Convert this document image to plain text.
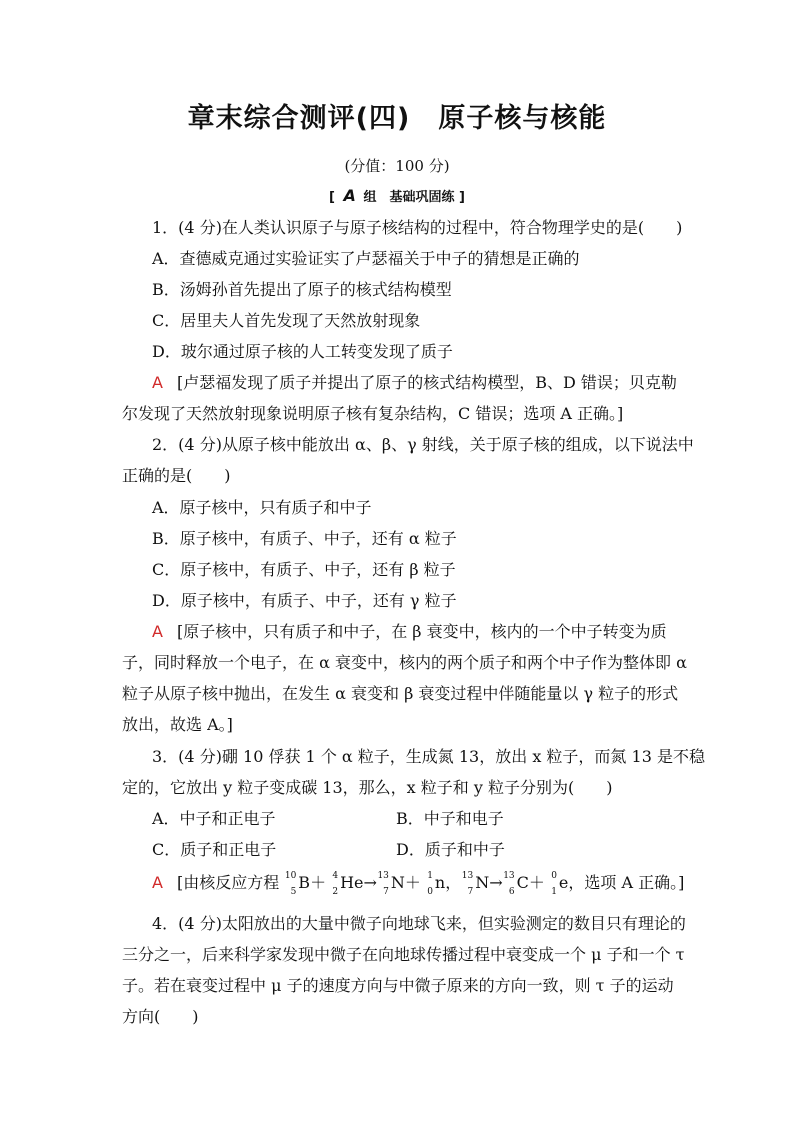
章末综合测评(四)　原子核与核能
(分值：100 分)
[ A 组　基础巩固练 ]
1．(4 分)在人类认识原子与原子核结构的过程中，符合物理学史的是(　　)
A．查德威克通过实验证实了卢瑟福关于中子的猜想是正确的
B．汤姆孙首先提出了原子的核式结构模型
C．居里夫人首先发现了天然放射现象
D．玻尔通过原子核的人工转变发现了质子
A [卢瑟福发现了质子并提出了原子的核式结构模型，B、D 错误；贝克勒
尔发现了天然放射现象说明原子核有复杂结构，C 错误；选项 A 正确。]
2．(4 分)从原子核中能放出 α、β、γ 射线，关于原子核的组成，以下说法中
正确的是(　　)
A．原子核中，只有质子和中子
B．原子核中，有质子、中子，还有 α 粒子
C．原子核中，有质子、中子，还有 β 粒子
D．原子核中，有质子、中子，还有 γ 粒子
A [原子核中，只有质子和中子，在 β 衰变中，核内的一个中子转变为质
子，同时释放一个电子，在 α 衰变中，核内的两个质子和两个中子作为整体即 α
粒子从原子核中抛出，在发生 α 衰变和 β 衰变过程中伴随能量以 γ 粒子的形式
放出，故选 A。]
3．(4 分)硼 10 俘获 1 个 α 粒子，生成氮 13，放出 x 粒子，而氮 13 是不稳
定的，它放出 y 粒子变成碳 13，那么，x 粒子和 y 粒子分别为(　　)
A．中子和正电子	B．中子和电子
C．质子和正电子	D．质子和中子
A [由核反应方程 10
5 B＋ 4
2 He→ 13
7 N＋ 1
0 n， 13
7 N→ 13
6 C＋ 0
1 e，选项 A 正确。]
4．(4 分)太阳放出的大量中微子向地球飞来，但实验测定的数目只有理论的
三分之一，后来科学家发现中微子在向地球传播过程中衰变成一个 μ 子和一个 τ
子。若在衰变过程中 μ 子的速度方向与中微子原来的方向一致，则 τ 子的运动
方向(　　)
